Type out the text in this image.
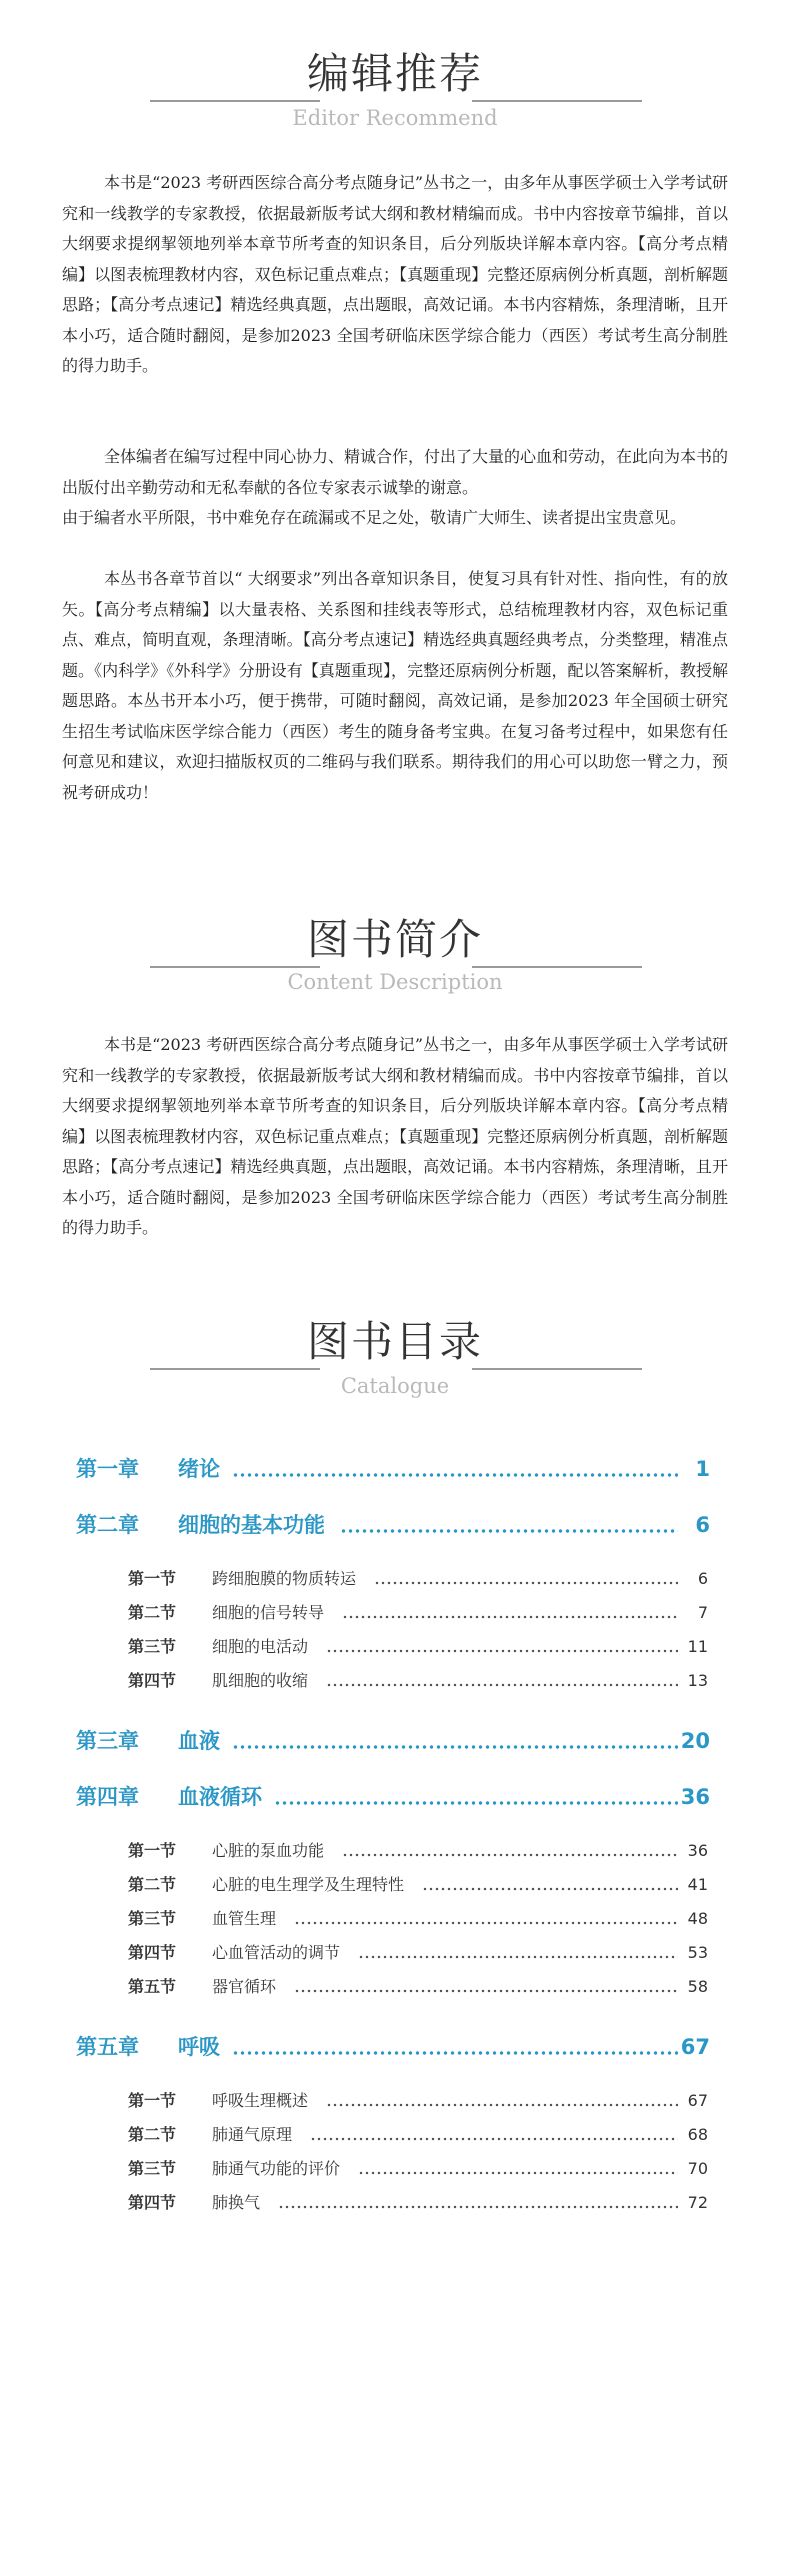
编辑推荐
Editor Recommend

本书是“2023 考研西医综合高分考点随身记”丛书之一，由多年从事医学硕士入学考试研究和一线教学的专家教授，依据最新版考试大纲和教材精编而成。书中内容按章节编排，首以大纲要求提纲挈领地列举本章节所考查的知识条目，后分列版块详解本章内容。【高分考点精编】以图表梳理教材内容，双色标记重点难点；【真题重现】完整还原病例分析真题，剖析解题思路；【高分考点速记】精选经典真题，点出题眼，高效记诵。本书内容精炼，条理清晰，且开本小巧，适合随时翻阅，是参加2023 全国考研临床医学综合能力（西医）考试考生高分制胜的得力助手。

全体编者在编写过程中同心协力、精诚合作，付出了大量的心血和劳动，在此向为本书的出版付出辛勤劳动和无私奉献的各位专家表示诚挚的谢意。

由于编者水平所限，书中难免存在疏漏或不足之处，敬请广大师生、读者提出宝贵意见。

本丛书各章节首以“ 大纲要求”列出各章知识条目，使复习具有针对性、指向性，有的放矢。【高分考点精编】以大量表格、关系图和挂线表等形式，总结梳理教材内容，双色标记重点、难点，简明直观，条理清晰。【高分考点速记】精选经典真题经典考点，分类整理，精准点题。《内科学》《外科学》分册设有【真题重现】，完整还原病例分析题，配以答案解析，教授解题思路。本丛书开本小巧，便于携带，可随时翻阅，高效记诵，是参加2023 年全国硕士研究生招生考试临床医学综合能力（西医）考生的随身备考宝典。在复习备考过程中，如果您有任何意见和建议，欢迎扫描版权页的二维码与我们联系。期待我们的用心可以助您一臂之力，预祝考研成功！

图书简介
Content Description

本书是“2023 考研西医综合高分考点随身记”丛书之一，由多年从事医学硕士入学考试研究和一线教学的专家教授，依据最新版考试大纲和教材精编而成。书中内容按章节编排，首以大纲要求提纲挈领地列举本章节所考查的知识条目，后分列版块详解本章内容。【高分考点精编】以图表梳理教材内容，双色标记重点难点；【真题重现】完整还原病例分析真题，剖析解题思路；【高分考点速记】精选经典真题，点出题眼，高效记诵。本书内容精炼，条理清晰，且开本小巧，适合随时翻阅，是参加2023 全国考研临床医学综合能力（西医）考试考生高分制胜的得力助手。

图书目录
Catalogue
第一章 绪论	1
第二章 细胞的基本功能	6
第一节 跨细胞膜的物质转运	6
第二节 细胞的信号转导	7
第三节 细胞的电活动	11
第四节 肌细胞的收缩	13
第三章 血液	20
第四章 血液循环	36
第一节 心脏的泵血功能	36
第二节 心脏的电生理学及生理特性	41
第三节 血管生理	48
第四节 心血管活动的调节	53
第五节 器官循环	58
第五章 呼吸	67
第一节 呼吸生理概述	67
第二节 肺通气原理	68
第三节 肺通气功能的评价	70
第四节 肺换气	72
